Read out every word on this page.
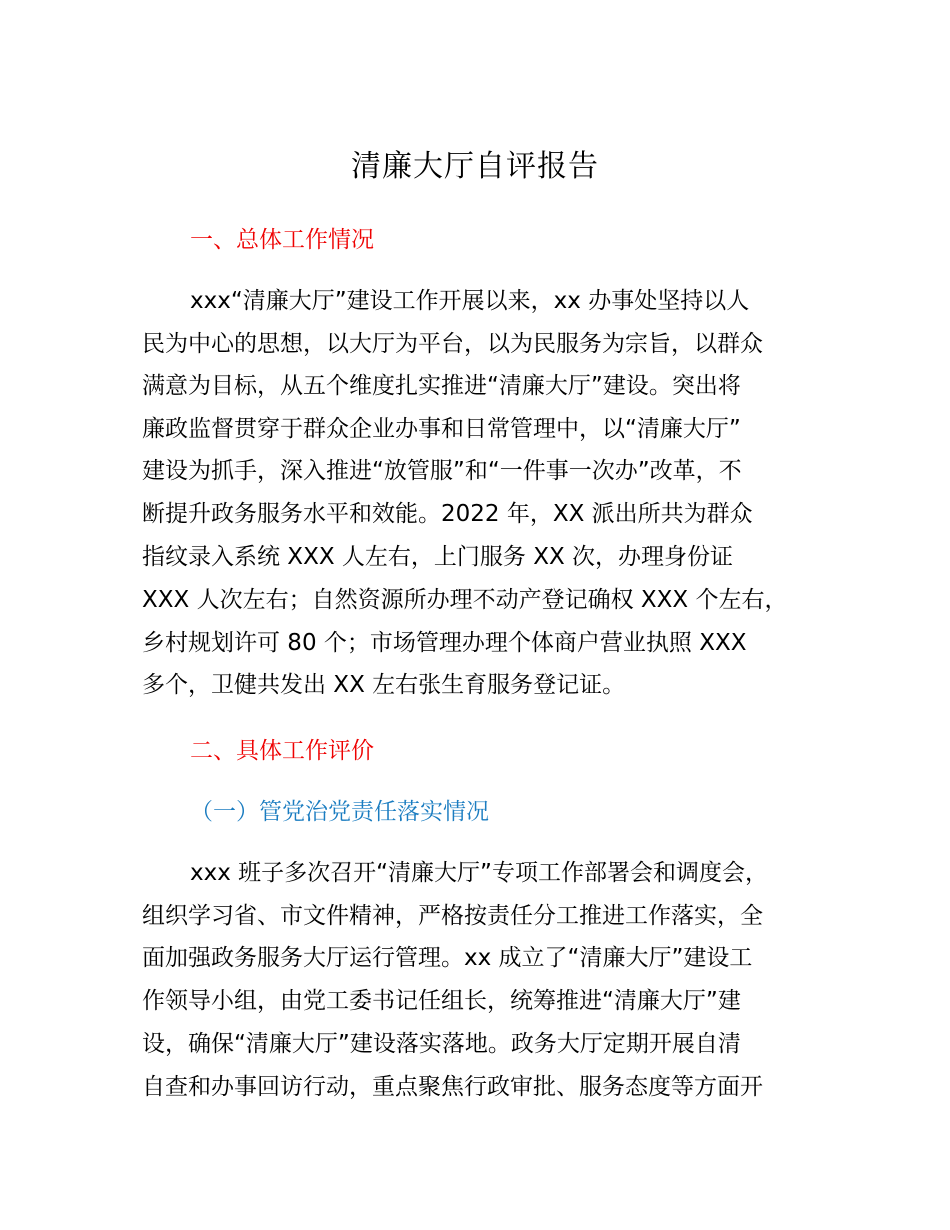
清廉大厅自评报告
一、总体工作情况
xxx“清廉大厅”建设工作开展以来，xx 办事处坚持以人
民为中心的思想，以大厅为平台，以为民服务为宗旨，以群众
满意为目标，从五个维度扎实推进“清廉大厅”建设。突出将
廉政监督贯穿于群众企业办事和日常管理中，以“清廉大厅”
建设为抓手，深入推进“放管服”和“一件事一次办”改革，不
断提升政务服务水平和效能。2022 年，XX 派出所共为群众
指纹录入系统 XXX 人左右，上门服务 XX 次，办理身份证
XXX 人次左右；自然资源所办理不动产登记确权 XXX 个左右，
乡村规划许可 80 个；市场管理办理个体商户营业执照 XXX
多个，卫健共发出 XX 左右张生育服务登记证。
二、具体工作评价
（一）管党治党责任落实情况
xxx 班子多次召开“清廉大厅”专项工作部署会和调度会，
组织学习省、市文件精神，严格按责任分工推进工作落实，全
面加强政务服务大厅运行管理。xx 成立了“清廉大厅”建设工
作领导小组，由党工委书记任组长，统筹推进“清廉大厅”建
设，确保“清廉大厅”建设落实落地。政务大厅定期开展自清
自查和办事回访行动，重点聚焦行政审批、服务态度等方面开
